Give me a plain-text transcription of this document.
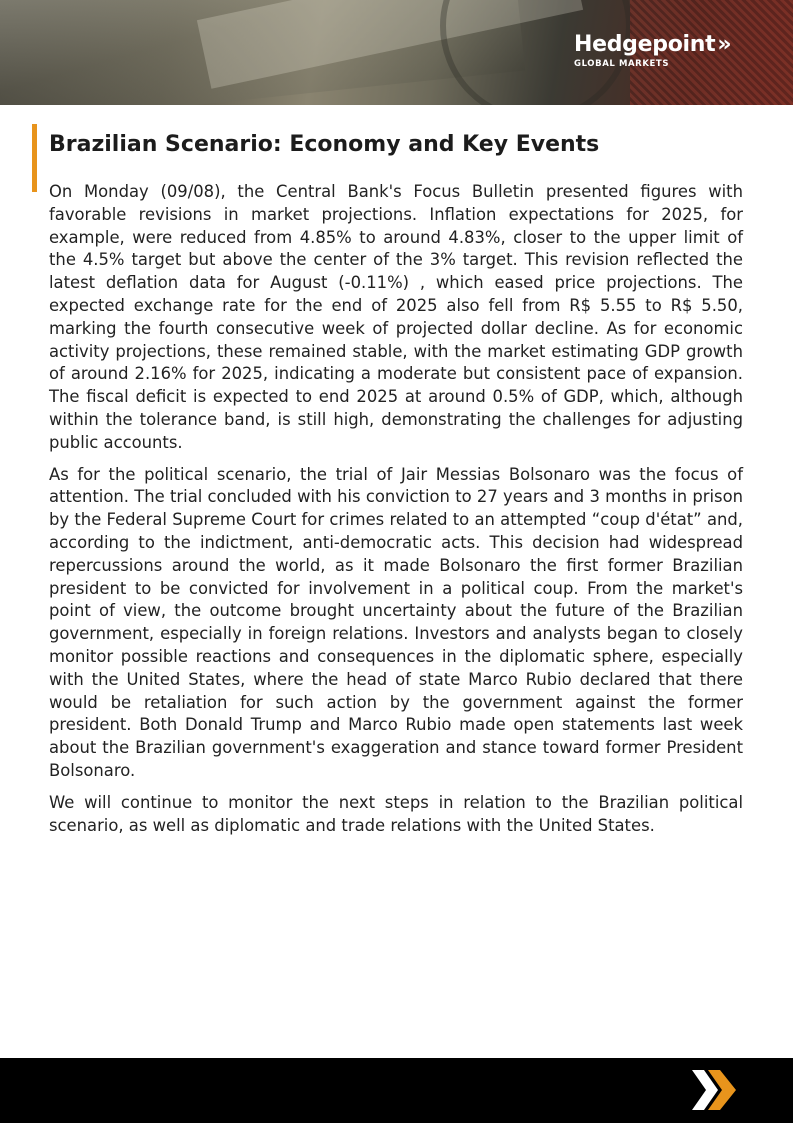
Hedgepoint»
GLOBAL MARKETS
Brazilian Scenario: Economy and Key Events

On Monday (09/08), the Central Bank's Focus Bulletin presented figures with favorable revisions in market projections. Inflation expectations for 2025, for example, were reduced from 4.85% to around 4.83%, closer to the upper limit of the 4.5% target but above the center of the 3% target. This revision reflected the latest deflation data for August (-0.11%) , which eased price projections. The expected exchange rate for the end of 2025 also fell from R$ 5.55 to R$ 5.50, marking the fourth consecutive week of projected dollar decline. As for economic activity projections, these remained stable, with the market estimating GDP growth of around 2.16% for 2025, indicating a moderate but consistent pace of expansion. The fiscal deficit is expected to end 2025 at around 0.5% of GDP, which, although within the tolerance band, is still high, demonstrating the challenges for adjusting public accounts.

As for the political scenario, the trial of Jair Messias Bolsonaro was the focus of attention. The trial concluded with his conviction to 27 years and 3 months in prison by the Federal Supreme Court for crimes related to an attempted “coup d'état” and, according to the indictment, anti-democratic acts. This decision had widespread repercussions around the world, as it made Bolsonaro the first former Brazilian president to be convicted for involvement in a political coup. From the market's point of view, the outcome brought uncertainty about the future of the Brazilian government, especially in foreign relations. Investors and analysts began to closely monitor possible reactions and consequences in the diplomatic sphere, especially with the United States, where the head of state Marco Rubio declared that there would be retaliation for such action by the government against the former president. Both Donald Trump and Marco Rubio made open statements last week about the Brazilian government's exaggeration and stance toward former President Bolsonaro.

We will continue to monitor the next steps in relation to the Brazilian political scenario, as well as diplomatic and trade relations with the United States.
